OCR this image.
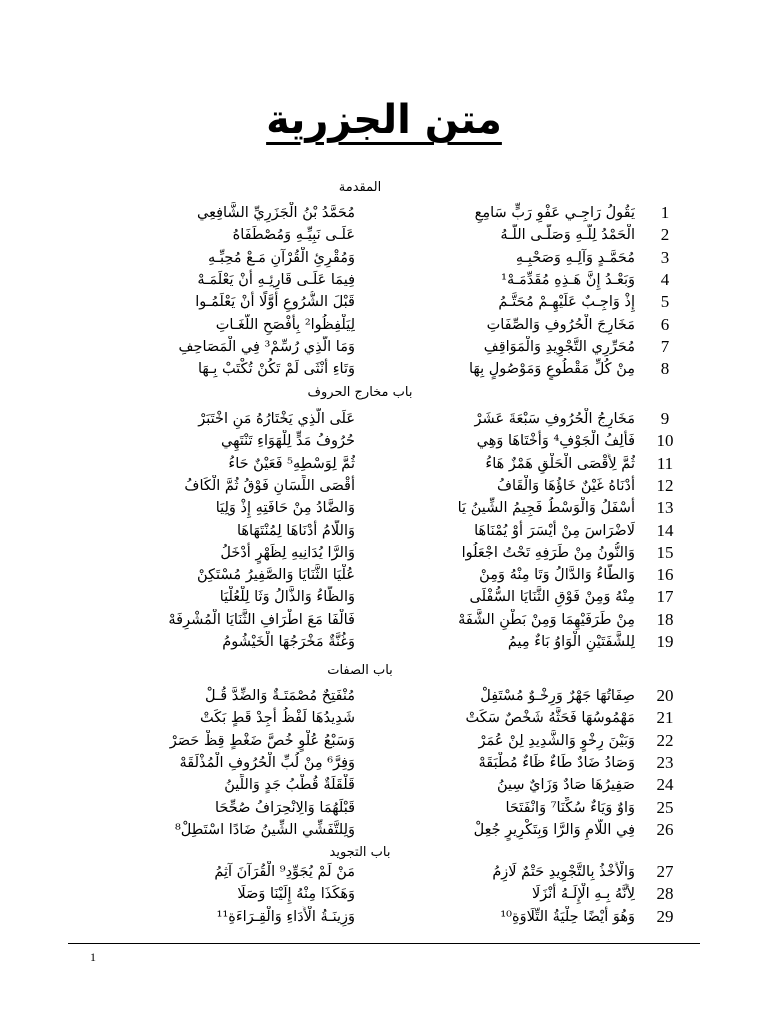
متن الجزرية
المقدمة
1
يَقُولُ رَاجِـي عَفْوِ رَبٍّ سَامِعِ
مُحَمَّدُ بْنُ الْجَزَرِيِّ الشَّافِعِي
2
الْحَمْدُ لِلَّـهِ وَصَلَّـى اللَّـهُ
عَلَـى نَبِيِّـهِ وَمُصْطَفَاهُ
3
مُحَمَّـدٍ وَآلِـهِ وَصَحْبِـهِ
وَمُقْرِئِ الْقُرْآنِ مَـعْ مُحِبِّـهِ
4
وَبَعْـدُ إِنَّ هَـذِهِ مُقَدِّمَـهْ¹
فِيمَا عَلَـى قَارِئِـهِ أَنْ يَعْلَمَـهْ
5
إِذْ وَاجِـبٌ عَلَيْهِـمْ مُحَتَّـمُ
قَبْلَ الشُّرُوعِ أَوَّلًا أَنْ يَعْلَمُـوا
6
مَخَارِجَ الْحُرُوفِ وَالصِّفَاتِ
لِيَلْفِظُوا² بِأَفْصَحِ اللُّغَـاتِ
7
مُحَرِّرِي التَّجْوِيدِ وَالْمَوَاقِفِ
وَمَا الَّذِي رُسِّمْ³ فِي الْمَصَاحِفِ
8
مِنْ كُلِّ مَقْطُوعٍ وَمَوْصُولٍ بِهَا
وَتَاءِ أُنْثَى لَمْ تَكُنْ تُكْتَبْ بِـهَا
باب مخارج الحروف
9
مَخَارِجُ الْحُرُوفِ سَبْعَةَ عَشَرْ
عَلَى الَّذِي يَخْتَارُهُ مَنِ اخْتَبَرْ
10
فَأَلِفُ الْجَوْفِ⁴ وَأُخْتَاهَا وَهِي
حُرُوفُ مَدٍّ لِلْهَوَاءِ تَنْتَهِي
11
ثُمَّ لِأَقْصَى الْحَلْقِ هَمْزٌ هَاءُ
ثُمَّ لِوَسْطِهِ⁵ فَعَيْنٌ حَاءُ
12
أَدْنَاهُ غَيْنٌ خَاؤُهَا وَالْقَافُ
أَقْصَى اللِّسَانِ فَوْقُ ثُمَّ الْكَافُ
13
أَسْفَلُ وَالْوَسْطُ فَجِيمُ الشِّينُ يَا
وَالضَّادُ مِنْ حَافَتِهِ إِذْ وَلِيَا
14
لَاضْرَاسَ مِنْ أَيْسَرَ أَوْ يُمْنَاهَا
وَاللَّامُ أَدْنَاهَا لِمُنْتَهَاهَا
15
وَالنُّونُ مِنْ طَرَفِهِ تَحْتُ اجْعَلُوا
وَالرَّا يُدَانِيهِ لِظَهْرٍ أَدْخَلُ
16
وَالطَّاءُ وَالدَّالُ وَتَا مِنْهُ وَمِنْ
عُلْيَا الثَّنَايَا وَالصَّفِيرُ مُسْتَكِنْ
17
مِنْهُ وَمِنْ فَوْقِ الثَّنَايَا السُّفْلَى
وَالظَّاءُ وَالذَّالُ وَثَا لِلْعُلْيَا
18
مِنْ طَرَفَيْهِمَا وَمِنْ بَطْنِ الشَّفَهْ
فَالْفَا مَعَ اطْرَافِ الثَّنَايَا الْمُشْرِفَهْ
19
لِلشَّفَتَيْنِ الْوَاوُ بَاءٌ مِيمُ
وَغُنَّةٌ مَخْرَجُهَا الْخَيْشُومُ
باب الصفات
20
صِفَاتُهَا جَهْرٌ وَرِخْـوٌ مُسْتَفِلْ
مُنْفَتِحٌ مُصْمَتَـةٌ وَالضِّدَّ قُـلْ
21
مَهْمُوسُهَا فَحَثَّهُ شَخْصٌ سَكَتْ
شَدِيدُهَا لَفْظُ أَجِدْ قَطٍ بَكَتْ
22
وَبَيْنَ رِخْوٍ وَالشَّدِيدِ لِنْ عُمَرْ
وَسَبْعُ عُلْوٍ خُصَّ ضَغْطٍ قِظْ حَصَرْ
23
وَصَادُ ضَادٌ طَاءٌ ظَاءٌ مُطْبَقَهْ
وَفِرَّ⁶ مِنْ لُبِّ الْحُرُوفِ الْمُذْلَقَهْ
24
صَفِيرُهَا صَادٌ وَزَايٌ سِينُ
قَلْقَلَةٌ قُطْبُ جَدٍ وَاللِّينُ
25
وَاوٌ وَيَاءٌ سُكِّنَا⁷ وَانْفَتَحَا
قَبْلَهُمَا وَالِانْحِرَافُ صُحِّحَا
26
فِي اللَّامِ وَالرَّا وَبِتَكْرِيرٍ جُعِلْ
وَلِلتَّفَشِّي الشِّينُ ضَادًا اسْتَطِلْ⁸
باب التجويد
27
وَالْأَخْذُ بِالتَّجْوِيدِ حَتْمٌ لَازِمُ
مَنْ لَمْ يُجَوِّدِ⁹ الْقُرَآنَ آثِمُ
28
لِأَنَّهُ بِـهِ الْإِلَـهُ أَنْزَلَا
وَهَكَذَا مِنْهُ إِلَيْنَا وَصَلَا
29
وَهُوَ أَيْضًا حِلْيَةُ التِّلَاوَةِ¹⁰
وَزِينَـةُ الْأَدَاءِ وَالْقِـرَاءَةِ¹¹
1
